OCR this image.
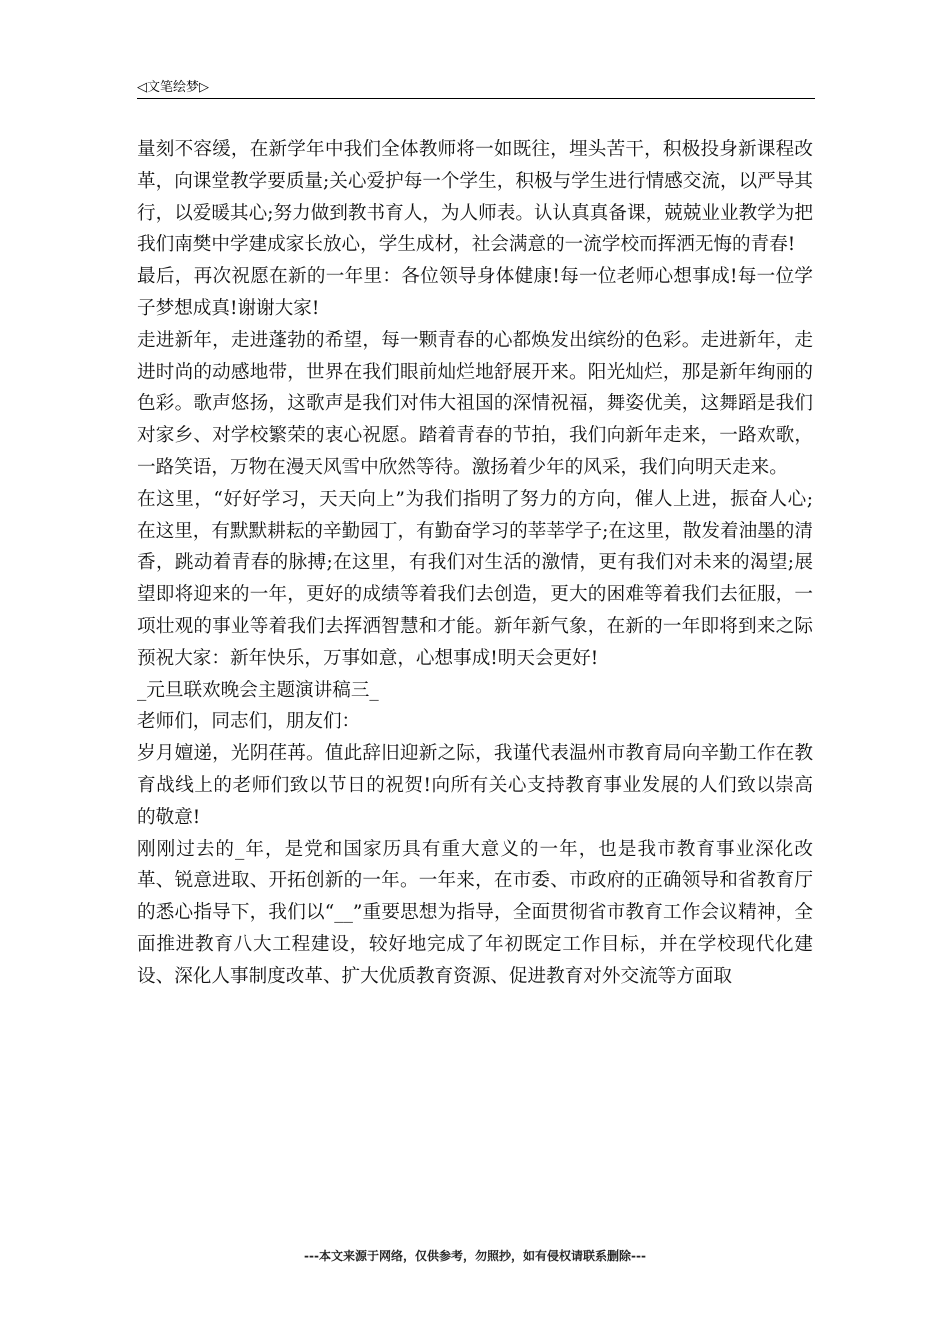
◁文笔绘梦▷

量刻不容缓，在新学年中我们全体教师将一如既往，埋头苦干，积极投身新课程改革，向课堂教学要质量;关心爱护每一个学生，积极与学生进行情感交流，以严导其行，以爱暖其心;努力做到教书育人，为人师表。认认真真备课，兢兢业业教学为把我们南樊中学建成家长放心，学生成材，社会满意的一流学校而挥洒无悔的青春!

最后，再次祝愿在新的一年里：各位领导身体健康!每一位老师心想事成!每一位学子梦想成真!谢谢大家!

走进新年，走进蓬勃的希望，每一颗青春的心都焕发出缤纷的色彩。走进新年，走进时尚的动感地带，世界在我们眼前灿烂地舒展开来。阳光灿烂，那是新年绚丽的色彩。歌声悠扬，这歌声是我们对伟大祖国的深情祝福，舞姿优美，这舞蹈是我们对家乡、对学校繁荣的衷心祝愿。踏着青春的节拍，我们向新年走来，一路欢歌，一路笑语，万物在漫天风雪中欣然等待。激扬着少年的风采，我们向明天走来。

在这里，“好好学习，天天向上”为我们指明了努力的方向，催人上进，振奋人心;在这里，有默默耕耘的辛勤园丁，有勤奋学习的莘莘学子;在这里，散发着油墨的清香，跳动着青春的脉搏;在这里，有我们对生活的激情，更有我们对未来的渴望;展望即将迎来的一年，更好的成绩等着我们去创造，更大的困难等着我们去征服，一项壮观的事业等着我们去挥洒智慧和才能。新年新气象，在新的一年即将到来之际预祝大家：新年快乐，万事如意，心想事成!明天会更好!

_元旦联欢晚会主题演讲稿三_

老师们，同志们，朋友们：

岁月嬗递，光阴荏苒。值此辞旧迎新之际，我谨代表温州市教育局向辛勤工作在教育战线上的老师们致以节日的祝贺!向所有关心支持教育事业发展的人们致以崇高的敬意!

刚刚过去的_年，是党和国家历具有重大意义的一年，也是我市教育事业深化改革、锐意进取、开拓创新的一年。一年来，在市委、市政府的正确领导和省教育厅的悉心指导下，我们以“__”重要思想为指导，全面贯彻省市教育工作会议精神，全面推进教育八大工程建设，较好地完成了年初既定工作目标，并在学校现代化建设、深化人事制度改革、扩大优质教育资源、促进教育对外交流等方面取

---本文来源于网络，仅供参考，勿照抄，如有侵权请联系删除---
